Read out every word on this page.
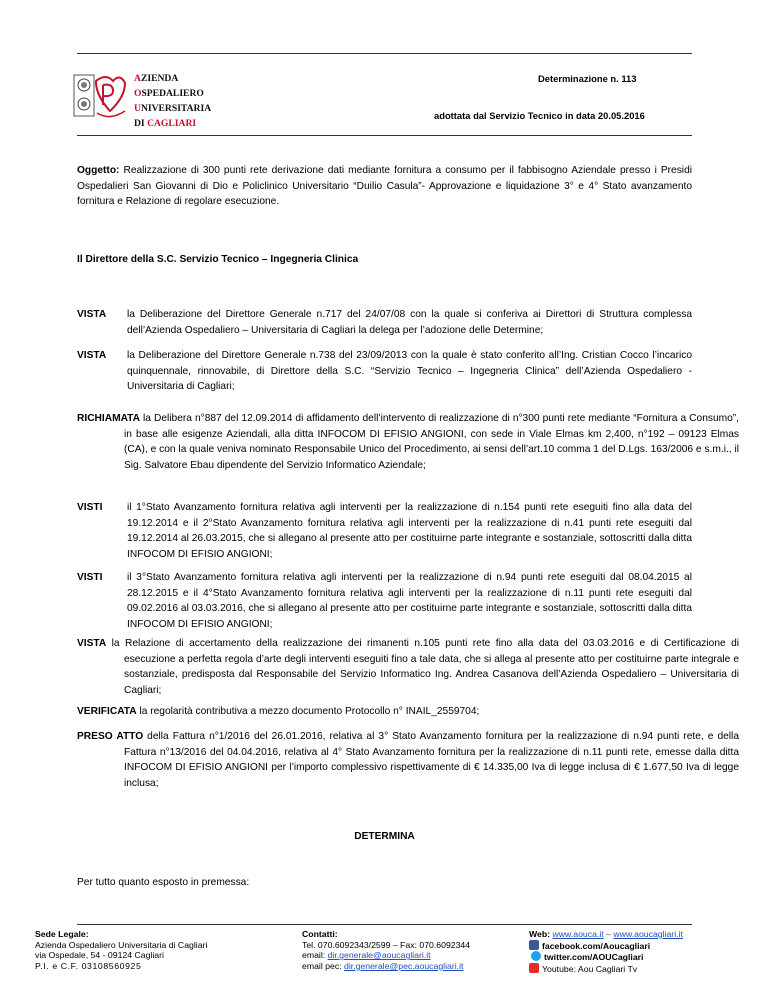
AZIENDA
OSPEDALIERO
UNIVERSITARIA
DI CAGLIARI
Determinazione n. 113
adottata dal Servizio Tecnico in data 20.05.2016
Oggetto: Realizzazione di 300 punti rete derivazione dati mediante fornitura a consumo per il fabbisogno Aziendale presso i Presidi Ospedalieri San Giovanni di Dio e Policlinico Universitario “Duilio Casula”- Approvazione e liquidazione 3° e 4° Stato avanzamento fornitura e Relazione di regolare esecuzione.
Il Direttore della S.C. Servizio Tecnico – Ingegneria Clinica
VISTA la Deliberazione del Direttore Generale n.717 del 24/07/08 con la quale si conferiva ai Direttori di Struttura complessa dell’Azienda Ospedaliero – Universitaria di Cagliari la delega per l’adozione delle Determine;
VISTA la Deliberazione del Direttore Generale n.738 del 23/09/2013 con la quale è stato conferito all’Ing. Cristian Cocco l’incarico quinquennale, rinnovabile, di Direttore della S.C. “Servizio Tecnico – Ingegneria Clinica” dell’Azienda Ospedaliero - Universitaria di Cagliari;
RICHIAMATA la Delibera n°887 del 12.09.2014 di affidamento dell’intervento di realizzazione di n°300 punti rete mediante “Fornitura a Consumo”, in base alle esigenze Aziendali, alla ditta INFOCOM DI EFISIO ANGIONI, con sede in Viale Elmas km 2,400, n°192 – 09123 Elmas (CA), e con la quale veniva nominato Responsabile Unico del Procedimento, ai sensi dell’art.10 comma 1 del D.Lgs. 163/2006 e s.m.i., il Sig. Salvatore Ebau dipendente del Servizio Informatico Aziendale;
VISTI il 1°Stato Avanzamento fornitura relativa agli interventi per la realizzazione di n.154 punti rete eseguiti fino alla data del 19.12.2014 e il 2°Stato Avanzamento fornitura relativa agli interventi per la realizzazione di n.41 punti rete eseguiti dal 19.12.2014 al 26.03.2015, che si allegano al presente atto per costituirne parte integrante e sostanziale, sottoscritti dalla ditta INFOCOM DI EFISIO ANGIONI;
VISTI il 3°Stato Avanzamento fornitura relativa agli interventi per la realizzazione di n.94 punti rete eseguiti dal 08.04.2015 al 28.12.2015 e il 4°Stato Avanzamento fornitura relativa agli interventi per la realizzazione di n.11 punti rete eseguiti dal 09.02.2016 al 03.03.2016, che si allegano al presente atto per costituirne parte integrante e sostanziale, sottoscritti dalla ditta INFOCOM DI EFISIO ANGIONI;
VISTA la Relazione di accertamento della realizzazione dei rimanenti n.105 punti rete fino alla data del 03.03.2016 e di Certificazione di esecuzione a perfetta regola d’arte degli interventi eseguiti fino a tale data, che si allega al presente atto per costituirne parte integrale e sostanziale, predisposta dal Responsabile del Servizio Informatico Ing. Andrea Casanova dell’Azienda Ospedaliero – Universitaria di Cagliari;
VERIFICATA la regolarità contributiva a mezzo documento Protocollo n° INAIL_2559704;
PRESO ATTO della Fattura n°1/2016 del 26.01.2016, relativa al 3° Stato Avanzamento fornitura per la realizzazione di n.94 punti rete, e della Fattura n°13/2016 del 04.04.2016, relativa al 4° Stato Avanzamento fornitura per la realizzazione di n.11 punti rete, emesse dalla ditta INFOCOM DI EFISIO ANGIONI per l’importo complessivo rispettivamente di € 14.335,00 Iva di legge inclusa di € 1.677,50 Iva di legge inclusa;
DETERMINA
Per tutto quanto esposto in premessa:
Sede Legale:
Azienda Ospedaliero Universitaria di Cagliari
via Ospedale, 54 - 09124 Cagliari
P.I. e C.F. 03108560925
Contatti:
Tel. 070.6092343/2599 – Fax: 070.6092344
email: dir.generale@aoucagliari.it
email pec: dir.generale@pec.aoucagliari.it
Web: www.aouca.it – www.aoucagliari.it
facebook.com/Aoucagliari
twitter.com/AOUCagliari
Youtube: Aou Cagliari Tv
